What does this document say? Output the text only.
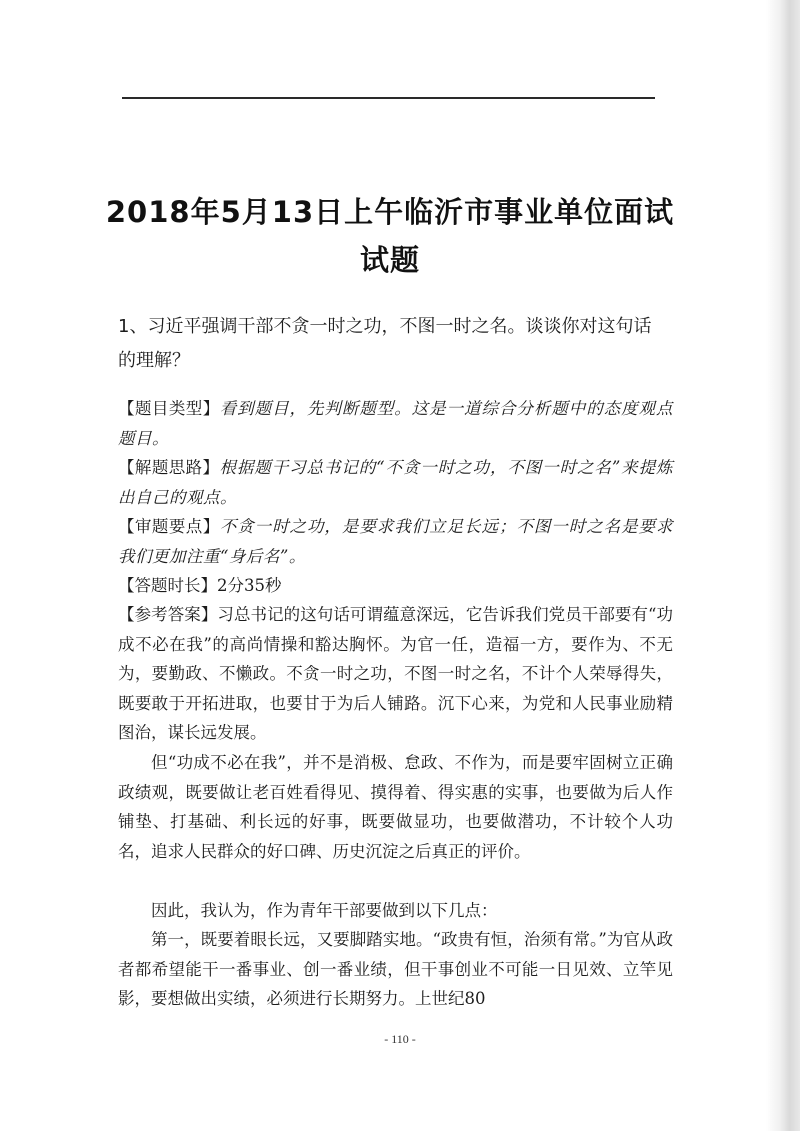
2018年5月13日上午临沂市事业单位面试
试题
1、习近平强调干部不贪一时之功，不图一时之名。谈谈你对这句话
的理解？
【题目类型】看到题目，先判断题型。这是一道综合分析题中的态度观点题目。
【解题思路】根据题干习总书记的“不贪一时之功，不图一时之名”来提炼出自己的观点。
【审题要点】不贪一时之功，是要求我们立足长远；不图一时之名是要求我们更加注重“身后名”。
【答题时长】2分35秒
【参考答案】习总书记的这句话可谓蕴意深远，它告诉我们党员干部要有“功成不必在我”的高尚情操和豁达胸怀。为官一任，造福一方，要作为、不无为，要勤政、不懒政。不贪一时之功，不图一时之名，不计个人荣辱得失，既要敢于开拓进取，也要甘于为后人铺路。沉下心来，为党和人民事业励精图治，谋长远发展。
但“功成不必在我”，并不是消极、怠政、不作为，而是要牢固树立正确政绩观，既要做让老百姓看得见、摸得着、得实惠的实事，也要做为后人作铺垫、打基础、利长远的好事，既要做显功，也要做潜功，不计较个人功名，追求人民群众的好口碑、历史沉淀之后真正的评价。
因此，我认为，作为青年干部要做到以下几点：
第一，既要着眼长远，又要脚踏实地。“政贵有恒，治须有常。”为官从政者都希望能干一番事业、创一番业绩，但干事创业不可能一日见效、立竿见影，要想做出实绩，必须进行长期努力。上世纪80
- 110 -
